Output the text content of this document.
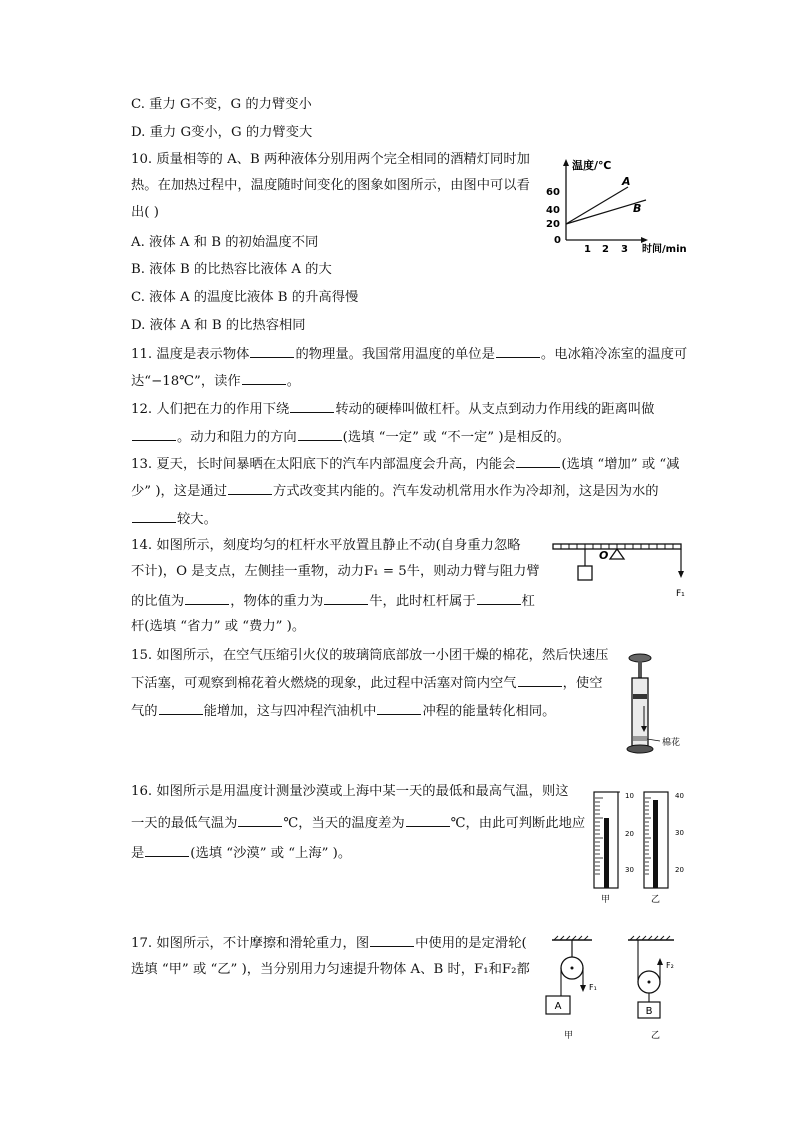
C. 重力 G不变，G 的力臂变小
D. 重力 G变小，G 的力臂变大
10. 质量相等的 A、B 两种液体分别用两个完全相同的酒精灯同时加
热。在加热过程中，温度随时间变化的图象如图所示，由图中可以看
出( )
A. 液体 A 和 B 的初始温度不同
B. 液体 B 的比热容比液体 A 的大
C. 液体 A 的温度比液体 B 的升高得慢
D. 液体 A 和 B 的比热容相同
温度/℃
时间/min
60
40
20
0
1 2 3
A
B
11. 温度是表示物体	的物理量。我国常用温度的单位是	。电冰箱冷冻室的温度可
达“−18℃”，读作	。
12. 人们把在力的作用下绕	转动的硬棒叫做杠杆。从支点到动力作用线的距离叫做
。动力和阻力的方向	(选填 “一定” 或 “不一定” )是相反的。
13. 夏天，长时间暴晒在太阳底下的汽车内部温度会升高，内能会	(选填 “增加” 或 “减
少” )，这是通过	方式改变其内能的。汽车发动机常用水作为冷却剂，这是因为水的
较大。
14. 如图所示，刻度均匀的杠杆水平放置且静止不动(自身重力忽略
不计)，O 是支点，左侧挂一重物，动力F₁ = 5牛，则动力臂与阻力臂
的比值为	，物体的重力为	牛，此时杠杆属于	杠
杆(选填 “省力” 或 “费力” )。
O
F₁
15. 如图所示，在空气压缩引火仪的玻璃筒底部放一小团干燥的棉花，然后快速压
下活塞，可观察到棉花着火燃烧的现象，此过程中活塞对筒内空气	，使空
气的	能增加，这与四冲程汽油机中	冲程的能量转化相同。
棉花
16. 如图所示是用温度计测量沙漠或上海中某一天的最低和最高气温，则这
一天的最低气温为	℃，当天的温度差为	℃，由此可判断此地应
是	(选填 “沙漠” 或 “上海” )。
10
20
30
40
30
20
甲	乙
17. 如图所示，不计摩擦和滑轮重力，图	中使用的是定滑轮(
选填 “甲” 或 “乙” )，当分别用力匀速提升物体 A、B 时，F₁和F₂都
F₁
A
甲
F₂
B
乙
